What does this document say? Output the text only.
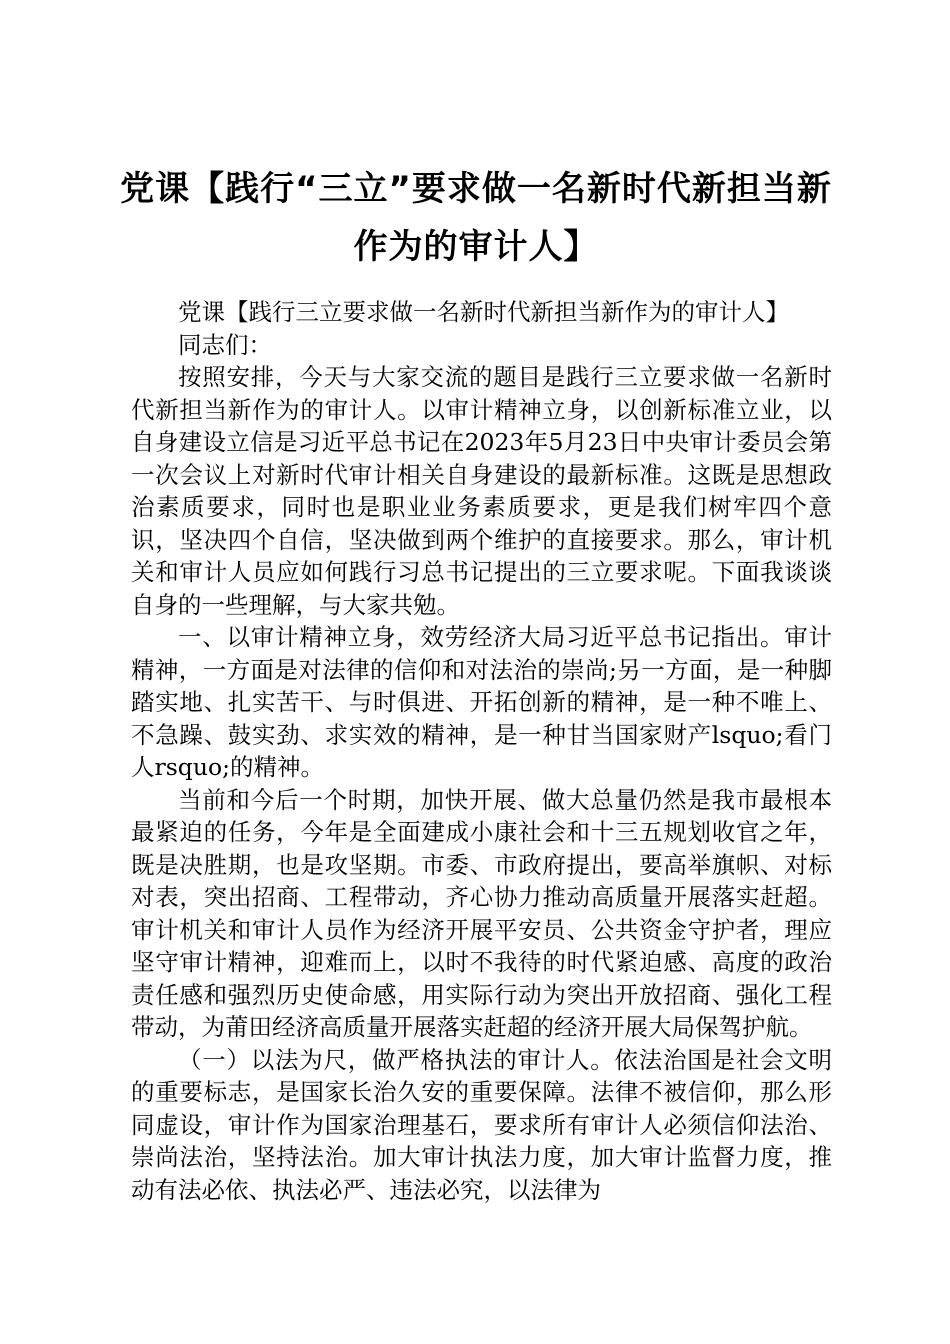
党课【践行“三立”要求做一名新时代新担当新作为的审计人】

党课【践行三立要求做一名新时代新担当新作为的审计人】

同志们：

按照安排，今天与大家交流的题目是践行三立要求做一名新时代新担当新作为的审计人。以审计精神立身，以创新标准立业，以自身建设立信是习近平总书记在2023年5月23日中央审计委员会第一次会议上对新时代审计相关自身建设的最新标准。这既是思想政治素质要求，同时也是职业业务素质要求，更是我们树牢四个意识，坚决四个自信，坚决做到两个维护的直接要求。那么，审计机关和审计人员应如何践行习总书记提出的三立要求呢。下面我谈谈自身的一些理解，与大家共勉。

一、以审计精神立身，效劳经济大局习近平总书记指出。审计精神，一方面是对法律的信仰和对法治的崇尚;另一方面，是一种脚踏实地、扎实苦干、与时俱进、开拓创新的精神，是一种不唯上、不急躁、鼓实劲、求实效的精神，是一种甘当国家财产lsquo;看门人rsquo;的精神。

当前和今后一个时期，加快开展、做大总量仍然是我市最根本最紧迫的任务，今年是全面建成小康社会和十三五规划收官之年，既是决胜期，也是攻坚期。市委、市政府提出，要高举旗帜、对标对表，突出招商、工程带动，齐心协力推动高质量开展落实赶超。审计机关和审计人员作为经济开展平安员、公共资金守护者，理应坚守审计精神，迎难而上，以时不我待的时代紧迫感、高度的政治责任感和强烈历史使命感，用实际行动为突出开放招商、强化工程带动，为莆田经济高质量开展落实赶超的经济开展大局保驾护航。

（一）以法为尺，做严格执法的审计人。依法治国是社会文明的重要标志，是国家长治久安的重要保障。法律不被信仰，那么形同虚设，审计作为国家治理基石，要求所有审计人必须信仰法治、崇尚法治，坚持法治。加大审计执法力度，加大审计监督力度，推动有法必依、执法必严、违法必究，以法律为
